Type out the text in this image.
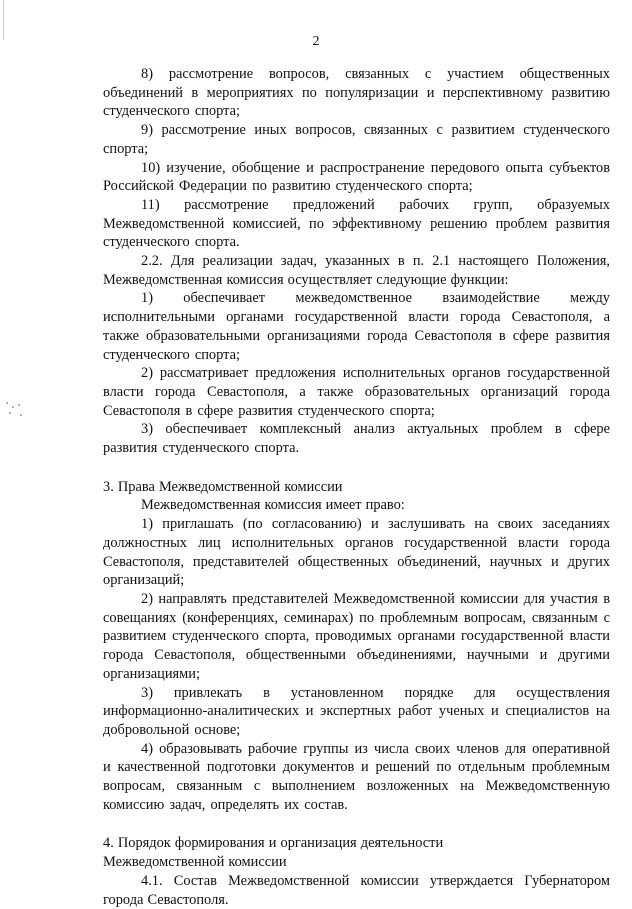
2

8) рассмотрение вопросов, связанных с участием общественных объединений в мероприятиях по популяризации и перспективному развитию студенческого спорта;

9) рассмотрение иных вопросов, связанных с развитием студенческого спорта;

10) изучение, обобщение и распространение передового опыта субъектов Российской Федерации по развитию студенческого спорта;

11) рассмотрение предложений рабочих групп, образуемых Межведомственной комиссией, по эффективному решению проблем развития студенческого спорта.

2.2. Для реализации задач, указанных в п. 2.1 настоящего Положения, Межведомственная комиссия осуществляет следующие функции:

1) обеспечивает межведомственное взаимодействие между исполнительными органами государственной власти города Севастополя, а также образовательными организациями города Севастополя в сфере развития студенческого спорта;

2) рассматривает предложения исполнительных органов государственной власти города Севастополя, а также образовательных организаций города Севастополя в сфере развития студенческого спорта;

3) обеспечивает комплексный анализ актуальных проблем в сфере развития студенческого спорта.

3. Права Межведомственной комиссии

Межведомственная комиссия имеет право:

1) приглашать (по согласованию) и заслушивать на своих заседаниях должностных лиц исполнительных органов государственной власти города Севастополя, представителей общественных объединений, научных и других организаций;

2) направлять представителей Межведомственной комиссии для участия в совещаниях (конференциях, семинарах) по проблемным вопросам, связанным с развитием студенческого спорта, проводимых органами государственной власти города Севастополя, общественными объединениями, научными и другими организациями;

3) привлекать в установленном порядке для осуществления информационно-аналитических и экспертных работ ученых и специалистов на добровольной основе;

4) образовывать рабочие группы из числа своих членов для оперативной и качественной подготовки документов и решений по отдельным проблемным вопросам, связанным с выполнением возложенных на Межведомственную комиссию задач, определять их состав.

4. Порядок формирования и организация деятельности
Межведомственной комиссии

4.1. Состав Межведомственной комиссии утверждается Губернатором города Севастополя.
